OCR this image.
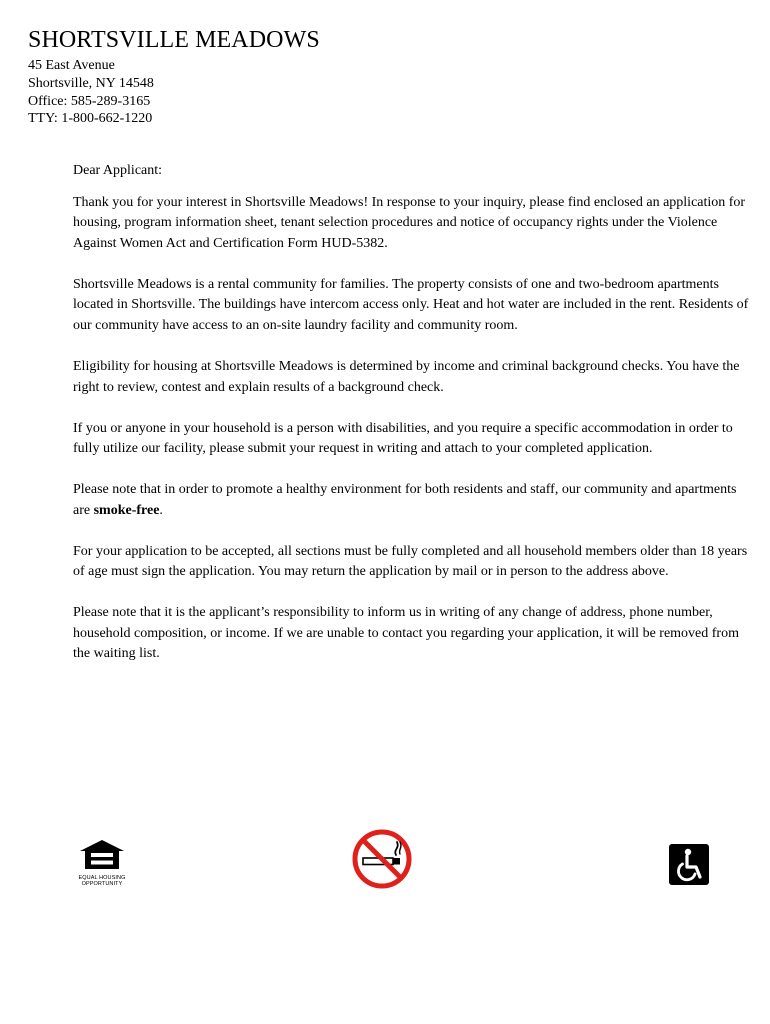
SHORTSVILLE MEADOWS
45 East Avenue
Shortsville, NY 14548
Office: 585-289-3165
TTY: 1-800-662-1220

Dear Applicant:

Thank you for your interest in Shortsville Meadows! In response to your inquiry, please find enclosed an application for housing, program information sheet, tenant selection procedures and notice of occupancy rights under the Violence Against Women Act and Certification Form HUD-5382.

Shortsville Meadows is a rental community for families. The property consists of one and two-bedroom apartments located in Shortsville. The buildings have intercom access only. Heat and hot water are included in the rent. Residents of our community have access to an on-site laundry facility and community room.

Eligibility for housing at Shortsville Meadows is determined by income and criminal background checks. You have the right to review, contest and explain results of a background check.

If you or anyone in your household is a person with disabilities, and you require a specific accommodation in order to fully utilize our facility, please submit your request in writing and attach to your completed application.

Please note that in order to promote a healthy environment for both residents and staff, our community and apartments are smoke-free.

For your application to be accepted, all sections must be fully completed and all household members older than 18 years of age must sign the application. You may return the application by mail or in person to the address above.

Please note that it is the applicant’s responsibility to inform us in writing of any change of address, phone number, household composition, or income. If we are unable to contact you regarding your application, it will be removed from the waiting list.

EQUAL HOUSING OPPORTUNITY
